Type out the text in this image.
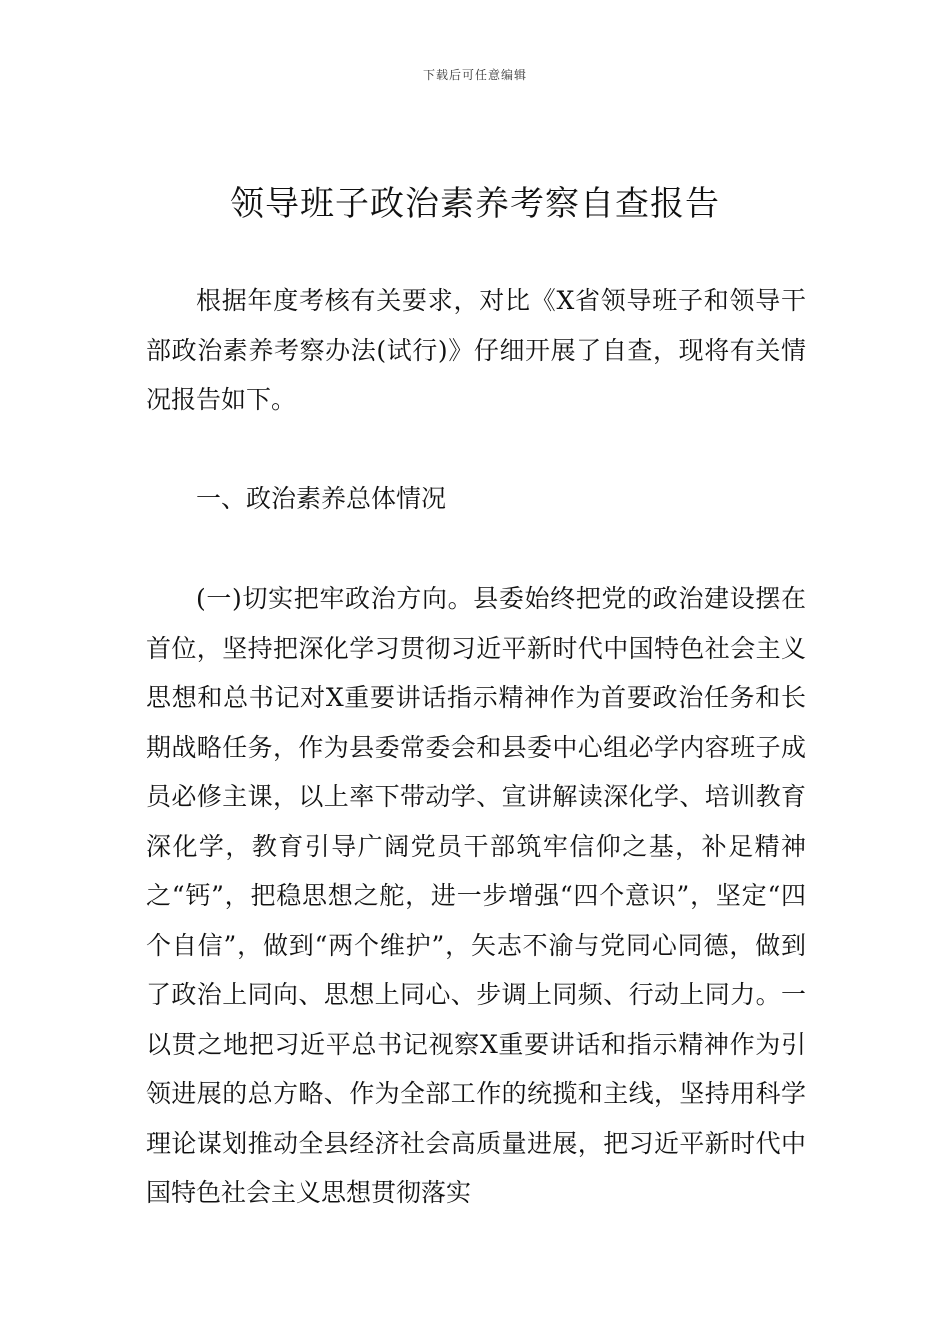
下载后可任意编辑
领导班子政治素养考察自查报告

根据年度考核有关要求，对比《X省领导班子和领导干部政治素养考察办法(试行)》仔细开展了自查，现将有关情况报告如下。

一、政治素养总体情况

(一)切实把牢政治方向。县委始终把党的政治建设摆在首位，坚持把深化学习贯彻习近平新时代中国特色社会主义思想和总书记对X重要讲话指示精神作为首要政治任务和长期战略任务，作为县委常委会和县委中心组必学内容班子成员必修主课，以上率下带动学、宣讲解读深化学、培训教育深化学，教育引导广阔党员干部筑牢信仰之基，补足精神之“钙”，把稳思想之舵，进一步增强“四个意识”，坚定“四个自信”，做到“两个维护”，矢志不渝与党同心同德，做到了政治上同向、思想上同心、步调上同频、行动上同力。一以贯之地把习近平总书记视察X重要讲话和指示精神作为引领进展的总方略、作为全部工作的统揽和主线，坚持用科学理论谋划推动全县经济社会高质量进展，把习近平新时代中国特色社会主义思想贯彻落实
